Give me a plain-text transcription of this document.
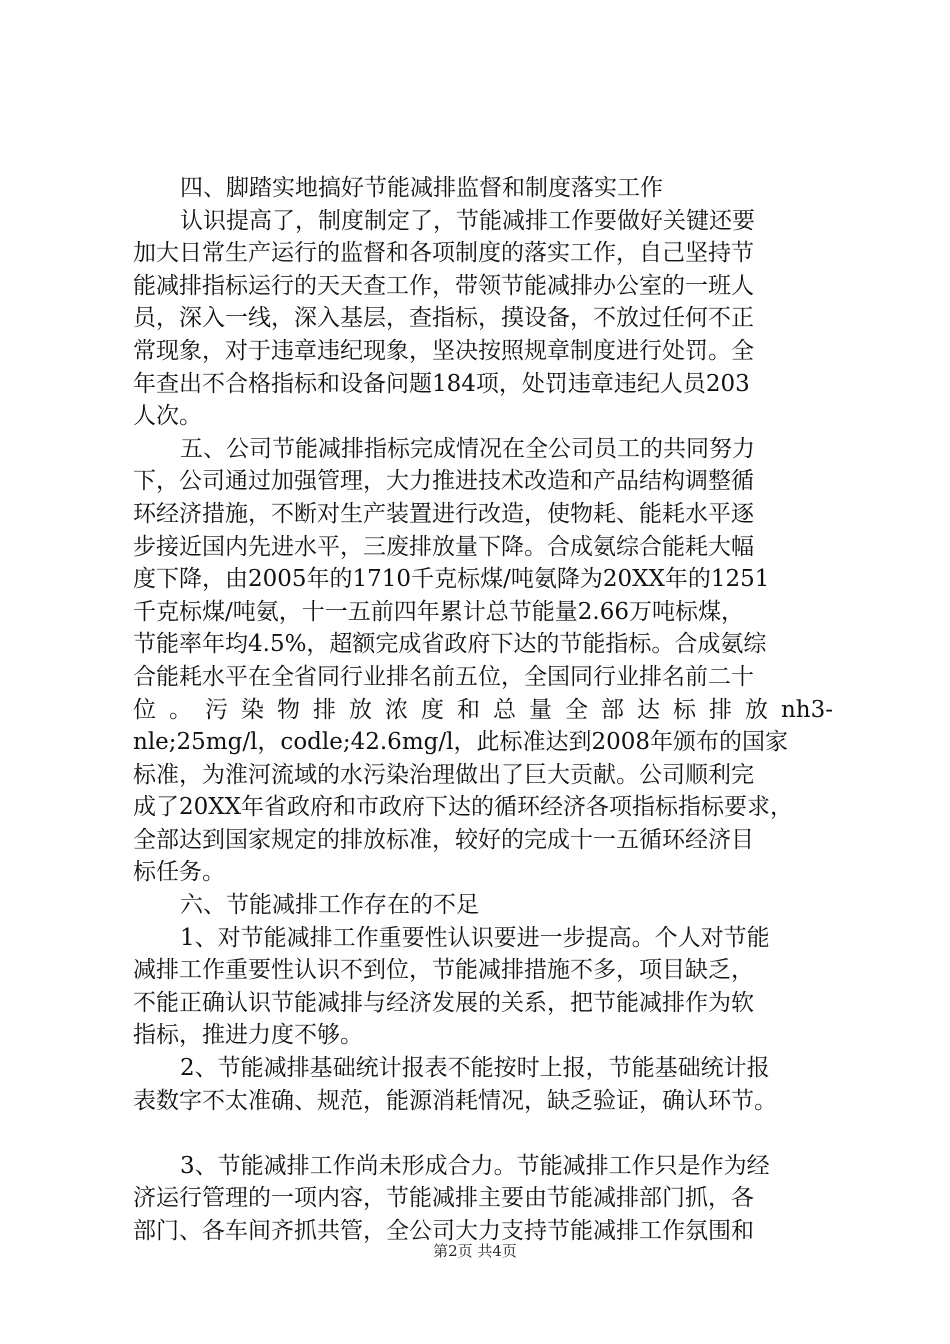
四、脚踏实地搞好节能减排监督和制度落实工作
认识提高了，制度制定了，节能减排工作要做好关键还要
加大日常生产运行的监督和各项制度的落实工作，自己坚持节
能减排指标运行的天天查工作，带领节能减排办公室的一班人
员，深入一线，深入基层，查指标，摸设备，不放过任何不正
常现象，对于违章违纪现象，坚决按照规章制度进行处罚。全
年查出不合格指标和设备问题184项，处罚违章违纪人员203
人次。
五、公司节能减排指标完成情况在全公司员工的共同努力
下，公司通过加强管理，大力推进技术改造和产品结构调整循
环经济措施，不断对生产装置进行改造，使物耗、能耗水平逐
步接近国内先进水平，三废排放量下降。合成氨综合能耗大幅
度下降，由2005年的1710千克标煤/吨氨降为20XX年的1251
千克标煤/吨氨，十一五前四年累计总节能量2.66万吨标煤，
节能率年均4.5%，超额完成省政府下达的节能指标。合成氨综
合能耗水平在全省同行业排名前五位，全国同行业排名前二十
位 。 污 染 物 排 放 浓 度 和 总 量 全 部 达 标 排 放 nh3-
nle;25mg/l，codle;42.6mg/l，此标准达到2008年颁布的国家
标准，为淮河流域的水污染治理做出了巨大贡献。公司顺利完
成了20XX年省政府和市政府下达的循环经济各项指标指标要求，
全部达到国家规定的排放标准，较好的完成十一五循环经济目
标任务。
六、节能减排工作存在的不足
1、对节能减排工作重要性认识要进一步提高。个人对节能
减排工作重要性认识不到位，节能减排措施不多，项目缺乏，
不能正确认识节能减排与经济发展的关系，把节能减排作为软
指标，推进力度不够。
2、节能减排基础统计报表不能按时上报，节能基础统计报
表数字不太准确、规范，能源消耗情况，缺乏验证，确认环节。
3、节能减排工作尚未形成合力。节能减排工作只是作为经
济运行管理的一项内容，节能减排主要由节能减排部门抓，各
部门、各车间齐抓共管，全公司大力支持节能减排工作氛围和
第2页 共4页
